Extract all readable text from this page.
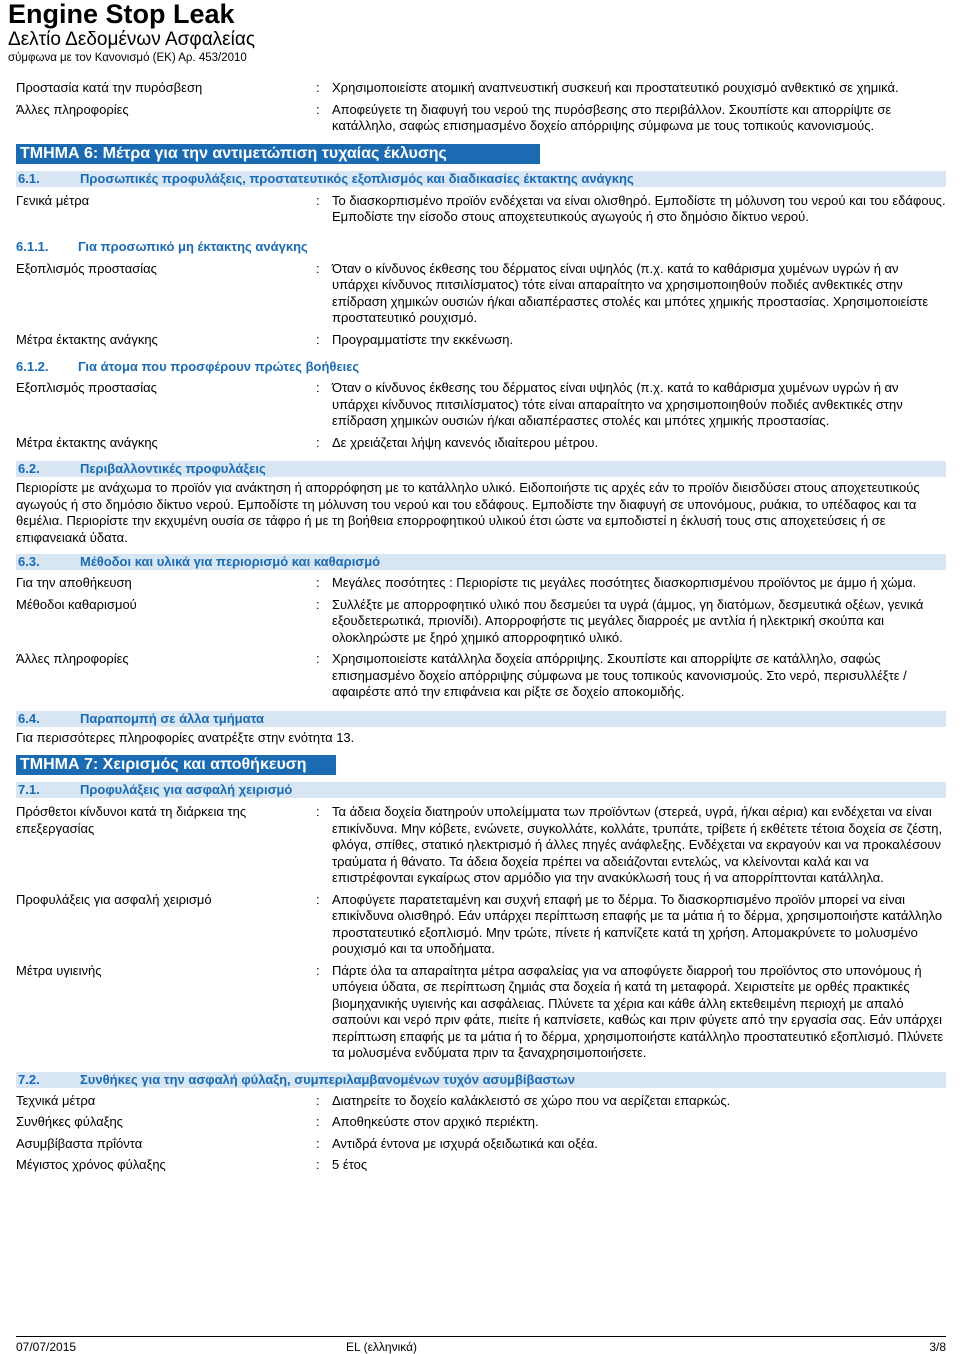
Engine Stop Leak
Δελτίο Δεδομένων Ασφαλείας
σύμφωνα με τον Κανονισμό (ΕΚ) Αρ. 453/2010
Προστασία κατά την πυρόσβεση	: Χρησιμοποιείστε ατομική αναπνευστική συσκευή και προστατευτικό ρουχισμό ανθεκτικό σε χημικά.
Άλλες πληροφορίες	: Αποφεύγετε τη διαφυγή του νερού της πυρόσβεσης στο περιβάλλον. Σκουπίστε και απορρίψτε σε κατάλληλο, σαφώς επισημασμένο δοχείο απόρριψης σύμφωνα με τους τοπικούς κανονισμούς.
ΤΜΗΜΑ 6: Μέτρα για την αντιμετώπιση τυχαίας έκλυσης
6.1.	Προσωπικές προφυλάξεις, προστατευτικός εξοπλισμός και διαδικασίες έκτακτης ανάγκης
Γενικά μέτρα	: Το διασκορπισμένο προϊόν ενδέχεται να είναι ολισθηρό. Εμποδίστε τη μόλυνση του νερού και του εδάφους. Εμποδίστε την είσοδο στους αποχετευτικούς αγωγούς ή στο δημόσιο δίκτυο νερού.
6.1.1.	Για προσωπικό μη έκτακτης ανάγκης
Εξοπλισμός προστασίας	: Όταν ο κίνδυνος έκθεσης του δέρματος είναι υψηλός (π.χ. κατά το καθάρισμα χυμένων υγρών ή αν υπάρχει κίνδυνος πιτσιλίσματος) τότε είναι απαραίτητο να χρησιμοποιηθούν ποδιές ανθεκτικές στην επίδραση χημικών ουσιών ή/και αδιαπέραστες στολές και μπότες χημικής προστασίας. Χρησιμοποιείστε προστατευτικό ρουχισμό.
Μέτρα έκτακτης ανάγκης	: Προγραμματίστε την εκκένωση.
6.1.2.	Για άτομα που προσφέρουν πρώτες βοήθειες
Εξοπλισμός προστασίας	: Όταν ο κίνδυνος έκθεσης του δέρματος είναι υψηλός (π.χ. κατά το καθάρισμα χυμένων υγρών ή αν υπάρχει κίνδυνος πιτσιλίσματος) τότε είναι απαραίτητο να χρησιμοποιηθούν ποδιές ανθεκτικές στην επίδραση χημικών ουσιών ή/και αδιαπέραστες στολές και μπότες χημικής προστασίας.
Μέτρα έκτακτης ανάγκης	: Δε χρειάζεται λήψη κανενός ιδιαίτερου μέτρου.
6.2.	Περιβαλλοντικές προφυλάξεις
Περιορίστε με ανάχωμα το προϊόν για ανάκτηση ή απορρόφηση με το κατάλληλο υλικό. Ειδοποιήστε τις αρχές εάν το προϊόν διεισδύσει στους αποχετευτικούς αγωγούς ή στο δημόσιο δίκτυο νερού. Εμποδίστε τη μόλυνση του νερού και του εδάφους. Εμποδίστε την διαφυγή σε υπονόμους, ρυάκια, το υπέδαφος και τα θεμέλια. Περιορίστε την εκχυμένη ουσία σε τάφρο ή με τη βοήθεια επορροφητικού υλικού έτσι ώστε να εμποδιστεί η έκλυσή τους στις αποχετεύσεις ή σε επιφανειακά ύδατα.
6.3.	Μέθοδοι και υλικά για περιορισμό και καθαρισμό
Για την αποθήκευση	: Μεγάλες ποσότητες : Περιορίστε τις μεγάλες ποσότητες διασκορπισμένου προϊόντος με άμμο ή χώμα.
Μέθοδοι καθαρισμού	: Συλλέξτε με απορροφητικό υλικό που δεσμεύει τα υγρά (άμμος, γη διατόμων, δεσμευτικά οξέων, γενικά εξουδετερωτικά, πριονίδι). Απορροφήστε τις μεγάλες διαρροές με αντλία ή ηλεκτρική σκούπα και ολοκληρώστε με ξηρό χημικό απορροφητικό υλικό.
Άλλες πληροφορίες	: Χρησιμοποιείστε κατάλληλα δοχεία απόρριψης. Σκουπίστε και απορρίψτε σε κατάλληλο, σαφώς επισημασμένο δοχείο απόρριψης σύμφωνα με τους τοπικούς κανονισμούς. Στο νερό, περισυλλέξτε / αφαιρέστε από την επιφάνεια και ρίξτε σε δοχείο αποκομιδής.
6.4.	Παραπομπή σε άλλα τμήματα
Για περισσότερες πληροφορίες ανατρέξτε στην ενότητα 13.
ΤΜΗΜΑ 7: Χειρισμός και αποθήκευση
7.1.	Προφυλάξεις για ασφαλή χειρισμό
Πρόσθετοι κίνδυνοι κατά τη διάρκεια της επεξεργασίας
: Τα άδεια δοχεία διατηρούν υπολείμματα των προϊόντων (στερεά, υγρά, ή/και αέρια) και ενδέχεται να είναι επικίνδυνα. Μην κόβετε, ενώνετε, συγκολλάτε, κολλάτε, τρυπάτε, τρίβετε ή εκθέτετε τέτοια δοχεία σε ζέστη, φλόγα, σπίθες, στατικό ηλεκτρισμό ή άλλες πηγές ανάφλεξης. Ενδέχεται να εκραγούν και να προκαλέσουν τραύματα ή θάνατο. Τα άδεια δοχεία πρέπει να αδειάζονται εντελώς, να κλείνονται καλά και να επιστρέφονται εγκαίρως στον αρμόδιο για την ανακύκλωσή τους ή να απορρίπτονται κατάλληλα.
Προφυλάξεις για ασφαλή χειρισμό	: Αποφύγετε παρατεταμένη και συχνή επαφή με το δέρμα. Το διασκορπισμένο προϊόν μπορεί να είναι επικίνδυνα ολισθηρό. Εάν υπάρχει περίπτωση επαφής με τα μάτια ή το δέρμα, χρησιμοποιήστε κατάλληλο προστατευτικό εξοπλισμό. Μην τρώτε, πίνετε ή καπνίζετε κατά τη χρήση. Απομακρύνετε το μολυσμένο ρουχισμό και τα υποδήματα.
Μέτρα υγιεινής	: Πάρτε όλα τα απαραίτητα μέτρα ασφαλείας για να αποφύγετε διαρροή του προϊόντος στο υπονόμους ή υπόγεια ύδατα, σε περίπτωση ζημιάς στα δοχεία ή κατά τη μεταφορά. Χειριστείτε με ορθές πρακτικές βιομηχανικής υγιεινής και ασφάλειας. Πλύνετε τα χέρια και κάθε άλλη εκτεθειμένη περιοχή με απαλό σαπούνι και νερό πριν φάτε, πιείτε ή καπνίσετε, καθώς και πριν φύγετε από την εργασία σας. Εάν υπάρχει περίπτωση επαφής με τα μάτια ή το δέρμα, χρησιμοποιήστε κατάλληλο προστατευτικό εξοπλισμό. Πλύνετε τα μολυσμένα ενδύματα πριν τα ξαναχρησιμοποιήσετε.
7.2.	Συνθήκες για την ασφαλή φύλαξη, συμπεριλαμβανομένων τυχόν ασυμβίβαστων
Τεχνικά μέτρα	: Διατηρείτε το δοχείο καλάκλειστό σε χώρο που να αερίζεται επαρκώς.
Συνθήκες φύλαξης	: Αποθηκεύστε στον αρχικό περιέκτη.
Ασυμβίβαστα πρΐόντα	: Αντιδρά έντονα με ισχυρά οξειδωτικά και οξέα.
Μέγιστος χρόνος φύλαξης	: 5 έτος
07/07/2015	EL (ελληνικά)	3/8
